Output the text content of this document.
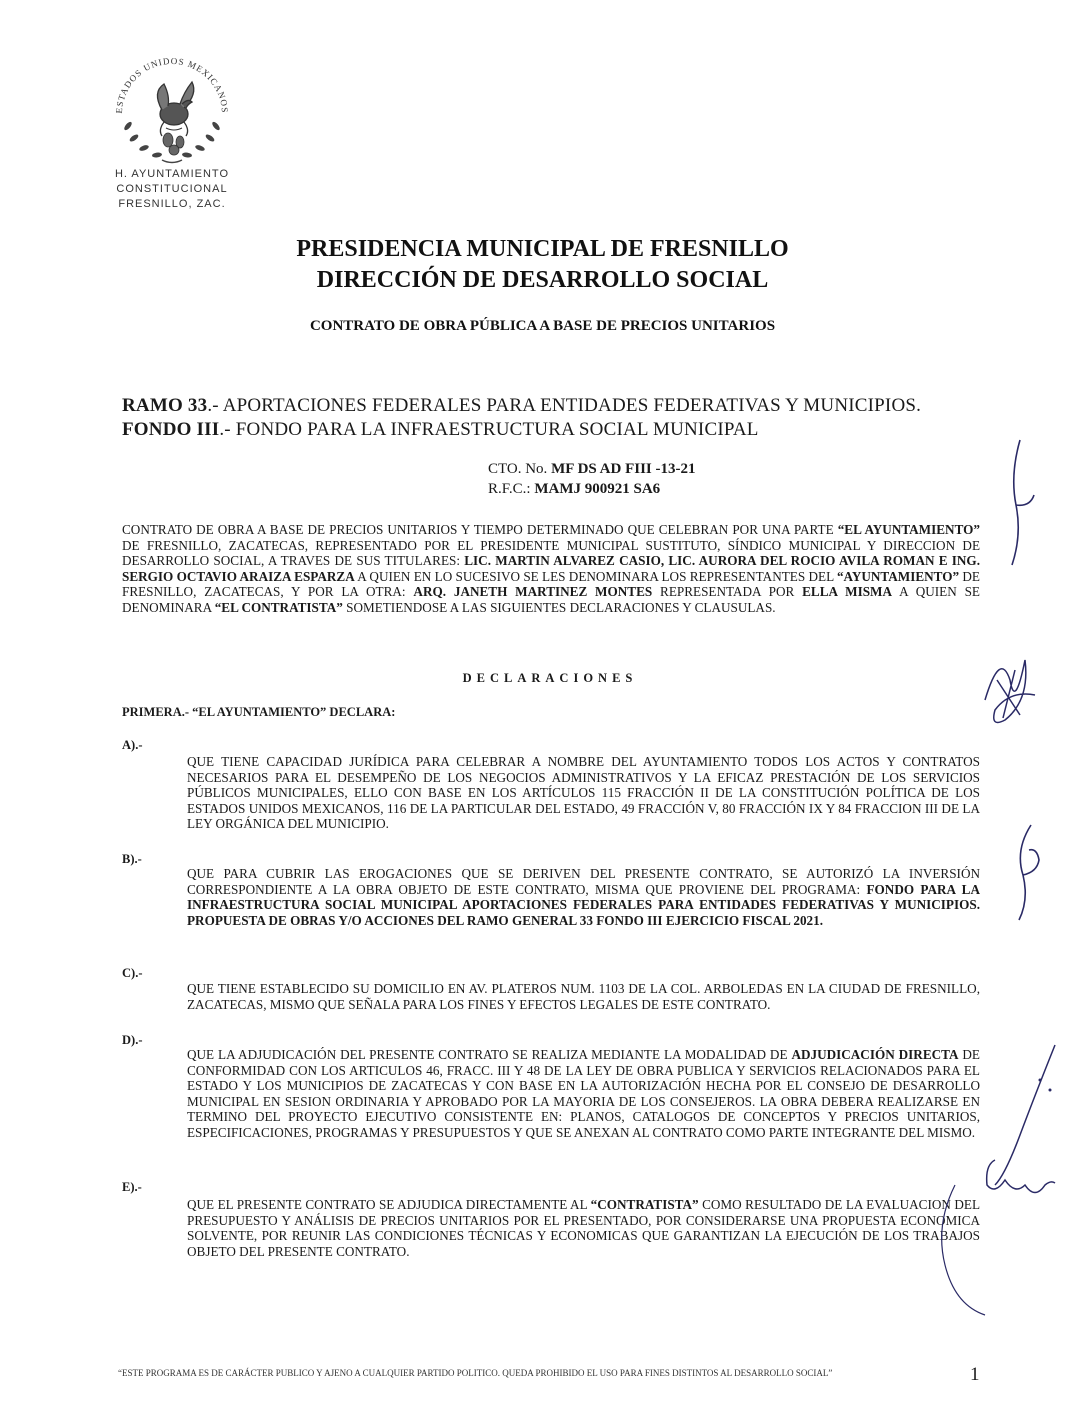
ESTADOS UNIDOS MEXICANOS
H. AYUNTAMIENTO
CONSTITUCIONAL
FRESNILLO, ZAC.
PRESIDENCIA MUNICIPAL DE FRESNILLO
DIRECCIÓN DE DESARROLLO SOCIAL
CONTRATO DE OBRA PÚBLICA A BASE DE PRECIOS UNITARIOS
RAMO 33.- APORTACIONES FEDERALES PARA ENTIDADES FEDERATIVAS Y MUNICIPIOS.
FONDO III.- FONDO PARA LA INFRAESTRUCTURA SOCIAL MUNICIPAL
CTO. No. MF DS AD FIII -13-21
R.F.C.: MAMJ 900921 SA6
CONTRATO DE OBRA A BASE DE PRECIOS UNITARIOS Y TIEMPO DETERMINADO QUE CELEBRAN POR UNA PARTE “EL AYUNTAMIENTO” DE FRESNILLO, ZACATECAS, REPRESENTADO POR EL PRESIDENTE MUNICIPAL SUSTITUTO, SÍNDICO MUNICIPAL Y DIRECCION DE DESARROLLO SOCIAL, A TRAVES DE SUS TITULARES: LIC. MARTIN ALVAREZ CASIO, LIC. AURORA DEL ROCIO AVILA ROMAN E ING. SERGIO OCTAVIO ARAIZA ESPARZA A QUIEN EN LO SUCESIVO SE LES DENOMINARA LOS REPRESENTANTES DEL “AYUNTAMIENTO” DE FRESNILLO, ZACATECAS, Y POR LA OTRA: ARQ. JANETH MARTINEZ MONTES REPRESENTADA POR ELLA MISMA A QUIEN SE DENOMINARA “EL CONTRATISTA” SOMETIENDOSE A LAS SIGUIENTES DECLARACIONES Y CLAUSULAS.
DECLARACIONES
PRIMERA.- “EL AYUNTAMIENTO” DECLARA:
A).-
QUE TIENE CAPACIDAD JURÍDICA PARA CELEBRAR A NOMBRE DEL AYUNTAMIENTO TODOS LOS ACTOS Y CONTRATOS NECESARIOS PARA EL DESEMPEÑO DE LOS NEGOCIOS ADMINISTRATIVOS Y LA EFICAZ PRESTACIÓN DE LOS SERVICIOS PÚBLICOS MUNICIPALES, ELLO CON BASE EN LOS ARTÍCULOS 115 FRACCIÓN II DE LA CONSTITUCIÓN POLÍTICA DE LOS ESTADOS UNIDOS MEXICANOS, 116 DE LA PARTICULAR DEL ESTADO, 49 FRACCIÓN V, 80 FRACCIÓN IX Y 84 FRACCION III DE LA LEY ORGÁNICA DEL MUNICIPIO.
B).-
QUE PARA CUBRIR LAS EROGACIONES QUE SE DERIVEN DEL PRESENTE CONTRATO, SE AUTORIZÓ LA INVERSIÓN CORRESPONDIENTE A LA OBRA OBJETO DE ESTE CONTRATO, MISMA QUE PROVIENE DEL PROGRAMA: FONDO PARA LA INFRAESTRUCTURA SOCIAL MUNICIPAL APORTACIONES FEDERALES PARA ENTIDADES FEDERATIVAS Y MUNICIPIOS. PROPUESTA DE OBRAS Y/O ACCIONES DEL RAMO GENERAL 33 FONDO III EJERCICIO FISCAL 2021.
C).-
QUE TIENE ESTABLECIDO SU DOMICILIO EN AV. PLATEROS NUM. 1103 DE LA COL. ARBOLEDAS EN LA CIUDAD DE FRESNILLO, ZACATECAS, MISMO QUE SEÑALA PARA LOS FINES Y EFECTOS LEGALES DE ESTE CONTRATO.
D).-
QUE LA ADJUDICACIÓN DEL PRESENTE CONTRATO SE REALIZA MEDIANTE LA MODALIDAD DE ADJUDICACIÓN DIRECTA DE CONFORMIDAD CON LOS ARTICULOS 46, FRACC. III Y 48 DE LA LEY DE OBRA PUBLICA Y SERVICIOS RELACIONADOS PARA EL ESTADO Y LOS MUNICIPIOS DE ZACATECAS Y CON BASE EN LA AUTORIZACIÓN HECHA POR EL CONSEJO DE DESARROLLO MUNICIPAL EN SESION ORDINARIA Y APROBADO POR LA MAYORIA DE LOS CONSEJEROS. LA OBRA DEBERA REALIZARSE EN TERMINO DEL PROYECTO EJECUTIVO CONSISTENTE EN: PLANOS, CATALOGOS DE CONCEPTOS Y PRECIOS UNITARIOS, ESPECIFICACIONES, PROGRAMAS Y PRESUPUESTOS Y QUE SE ANEXAN AL CONTRATO COMO PARTE INTEGRANTE DEL MISMO.
E).-
QUE EL PRESENTE CONTRATO SE ADJUDICA DIRECTAMENTE AL “CONTRATISTA” COMO RESULTADO DE LA EVALUACION DEL PRESUPUESTO Y ANÁLISIS DE PRECIOS UNITARIOS POR EL PRESENTADO, POR CONSIDERARSE UNA PROPUESTA ECONOMICA SOLVENTE, POR REUNIR LAS CONDICIONES TÉCNICAS Y ECONOMICAS QUE GARANTIZAN LA EJECUCIÓN DE LOS TRABAJOS OBJETO DEL PRESENTE CONTRATO.
“ESTE PROGRAMA ES DE CARÁCTER PUBLICO Y AJENO A CUALQUIER PARTIDO POLITICO. QUEDA PROHIBIDO EL USO PARA FINES DISTINTOS AL DESARROLLO SOCIAL”	1
